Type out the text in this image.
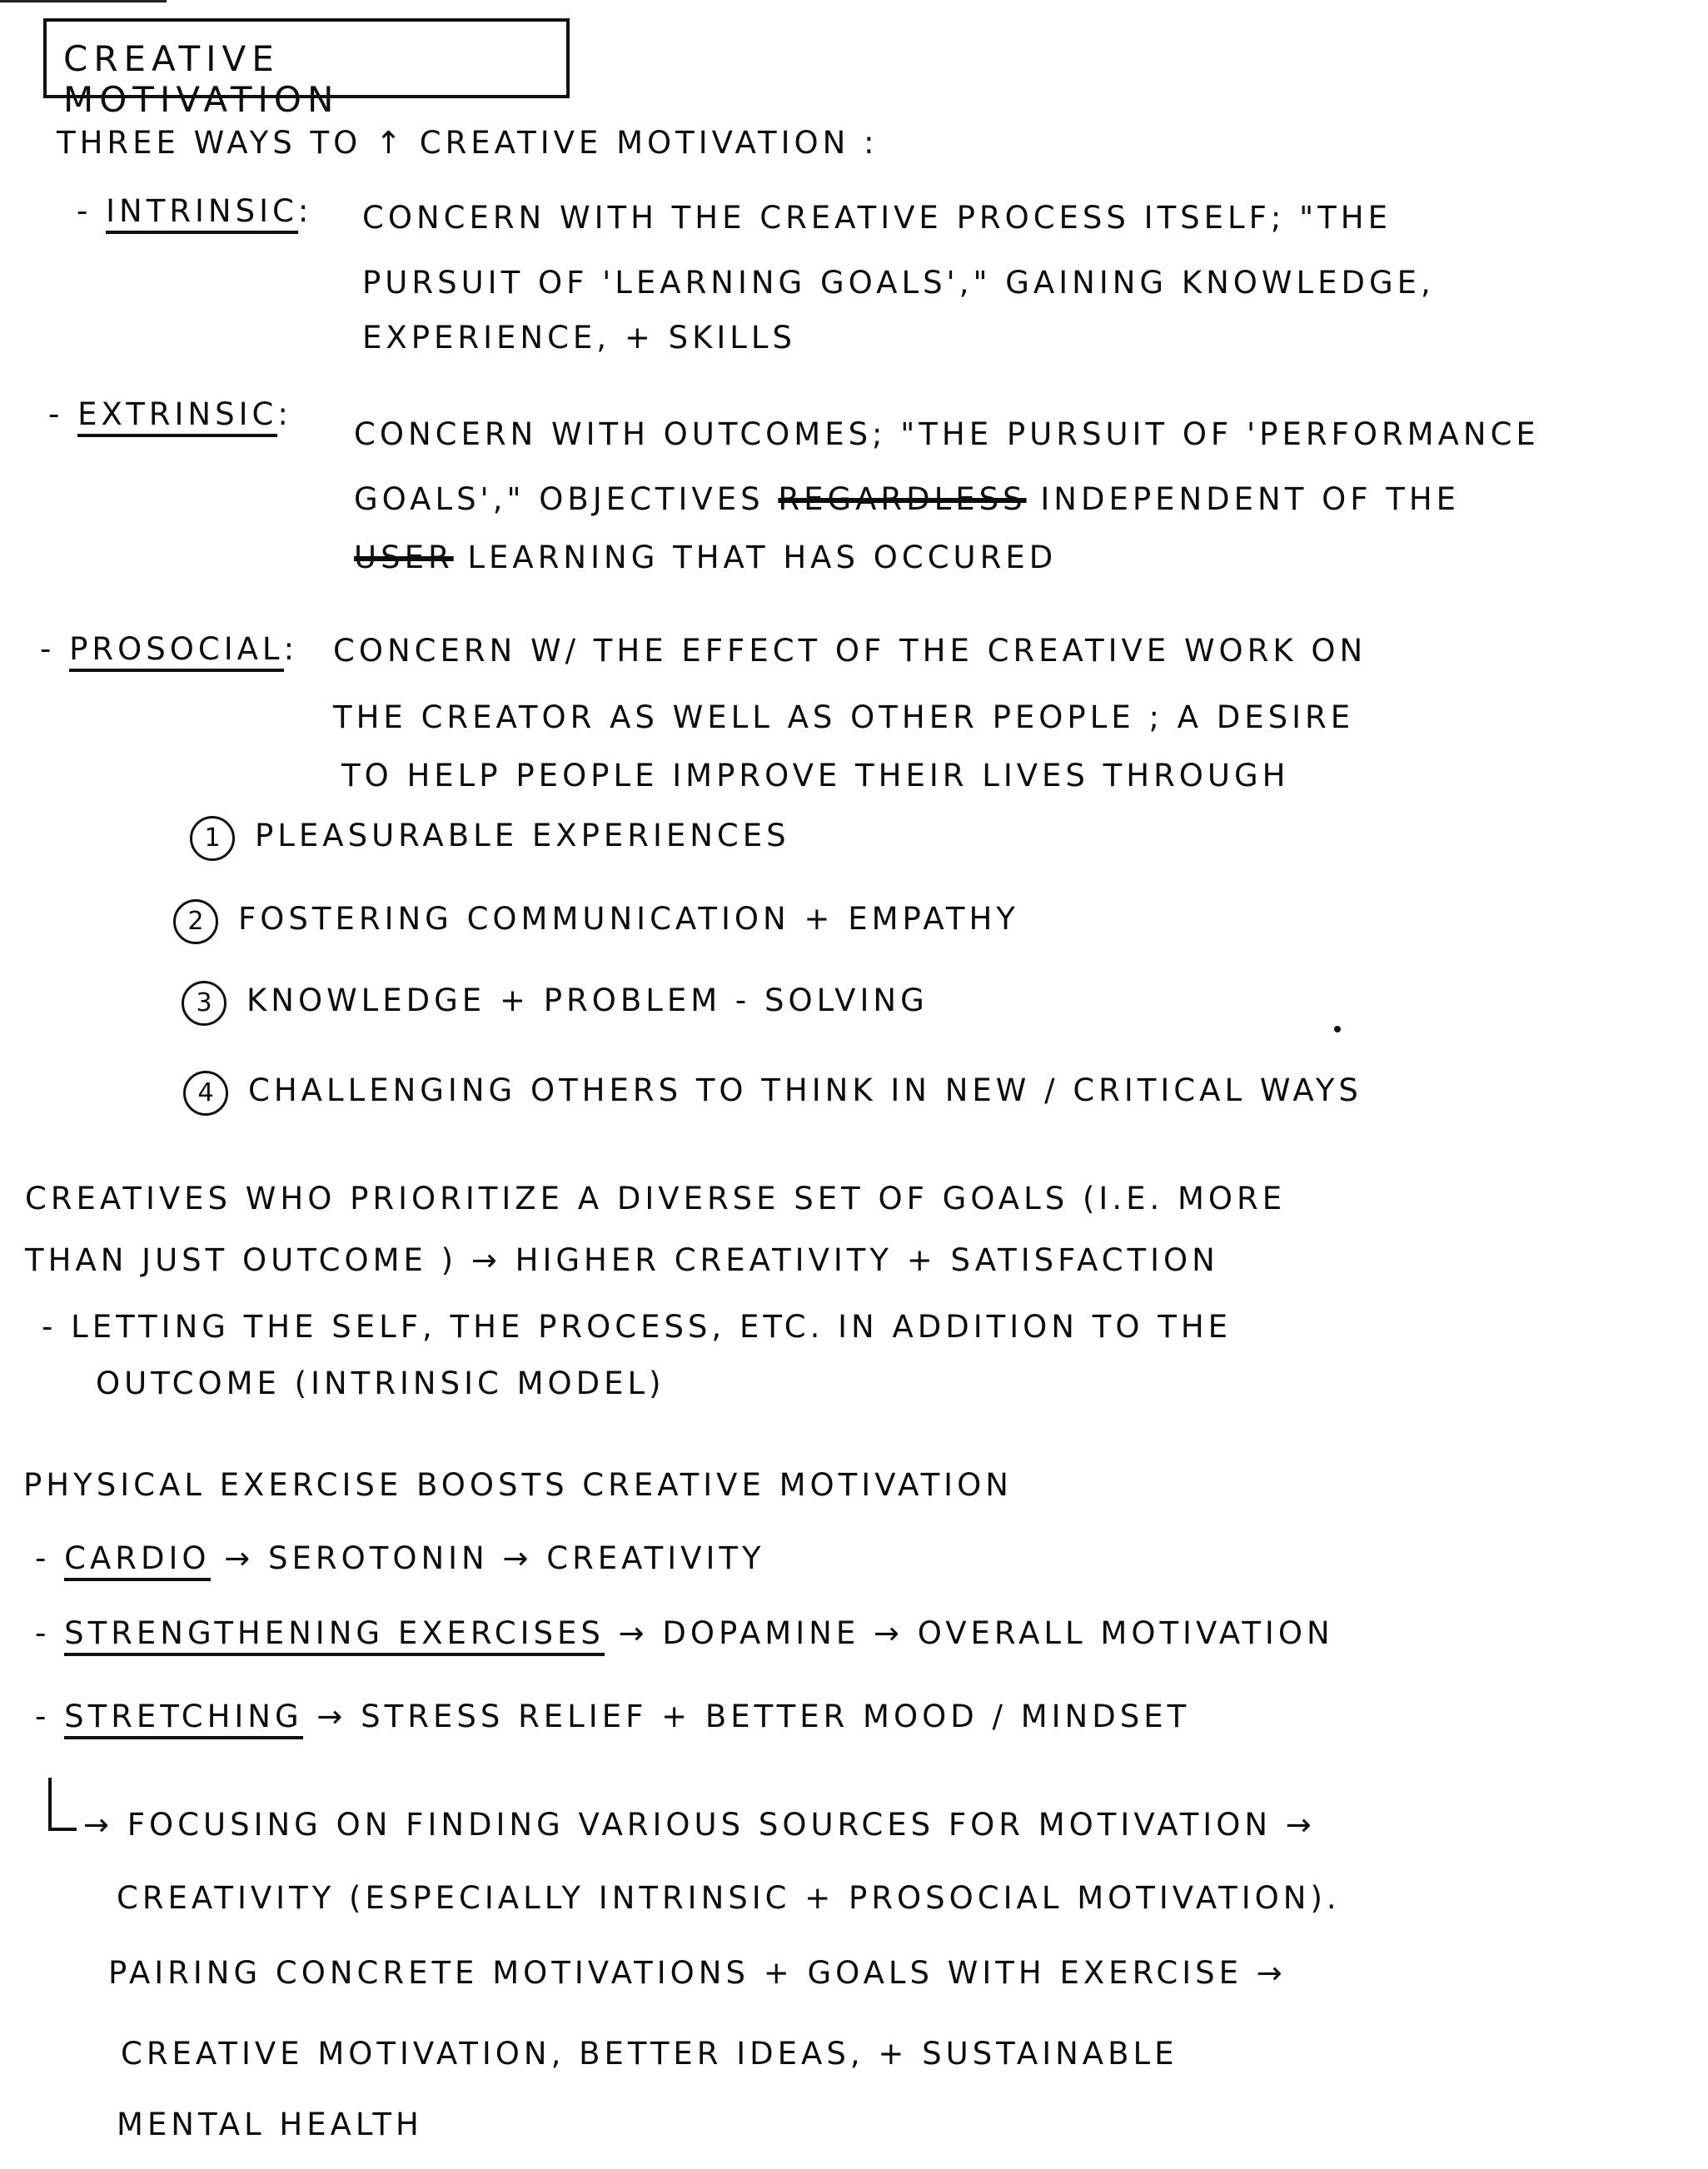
CREATIVE MOTIVATION
THREE WAYS TO ↑ CREATIVE MOTIVATION :
- INTRINSIC: CONCERN WITH THE CREATIVE PROCESS ITSELF; "THE
PURSUIT OF 'LEARNING GOALS'," GAINING KNOWLEDGE,
EXPERIENCE, + SKILLS
- EXTRINSIC:
CONCERN WITH OUTCOMES; "THE PURSUIT OF 'PERFORMANCE
GOALS'," OBJECTIVES REGARDLESS INDEPENDENT OF THE
USER LEARNING THAT HAS OCCURED
- PROSOCIAL: CONCERN W/ THE EFFECT OF THE CREATIVE WORK ON
THE CREATOR AS WELL AS OTHER PEOPLE ; A DESIRE
TO HELP PEOPLE IMPROVE THEIR LIVES THROUGH
1 PLEASURABLE EXPERIENCES
2 FOSTERING COMMUNICATION + EMPATHY
3 KNOWLEDGE + PROBLEM - SOLVING
4 CHALLENGING OTHERS TO THINK IN NEW / CRITICAL WAYS
CREATIVES WHO PRIORITIZE A DIVERSE SET OF GOALS (I.E. MORE
THAN JUST OUTCOME ) → HIGHER CREATIVITY + SATISFACTION
- LETTING THE SELF, THE PROCESS, ETC. IN ADDITION TO THE
OUTCOME (INTRINSIC MODEL)
PHYSICAL EXERCISE BOOSTS CREATIVE MOTIVATION
- CARDIO → SEROTONIN → CREATIVITY
- STRENGTHENING EXERCISES → DOPAMINE → OVERALL MOTIVATION
- STRETCHING → STRESS RELIEF + BETTER MOOD / MINDSET
→ FOCUSING ON FINDING VARIOUS SOURCES FOR MOTIVATION →
CREATIVITY (ESPECIALLY INTRINSIC + PROSOCIAL MOTIVATION).
PAIRING CONCRETE MOTIVATIONS + GOALS WITH EXERCISE →
CREATIVE MOTIVATION, BETTER IDEAS, + SUSTAINABLE
MENTAL HEALTH
